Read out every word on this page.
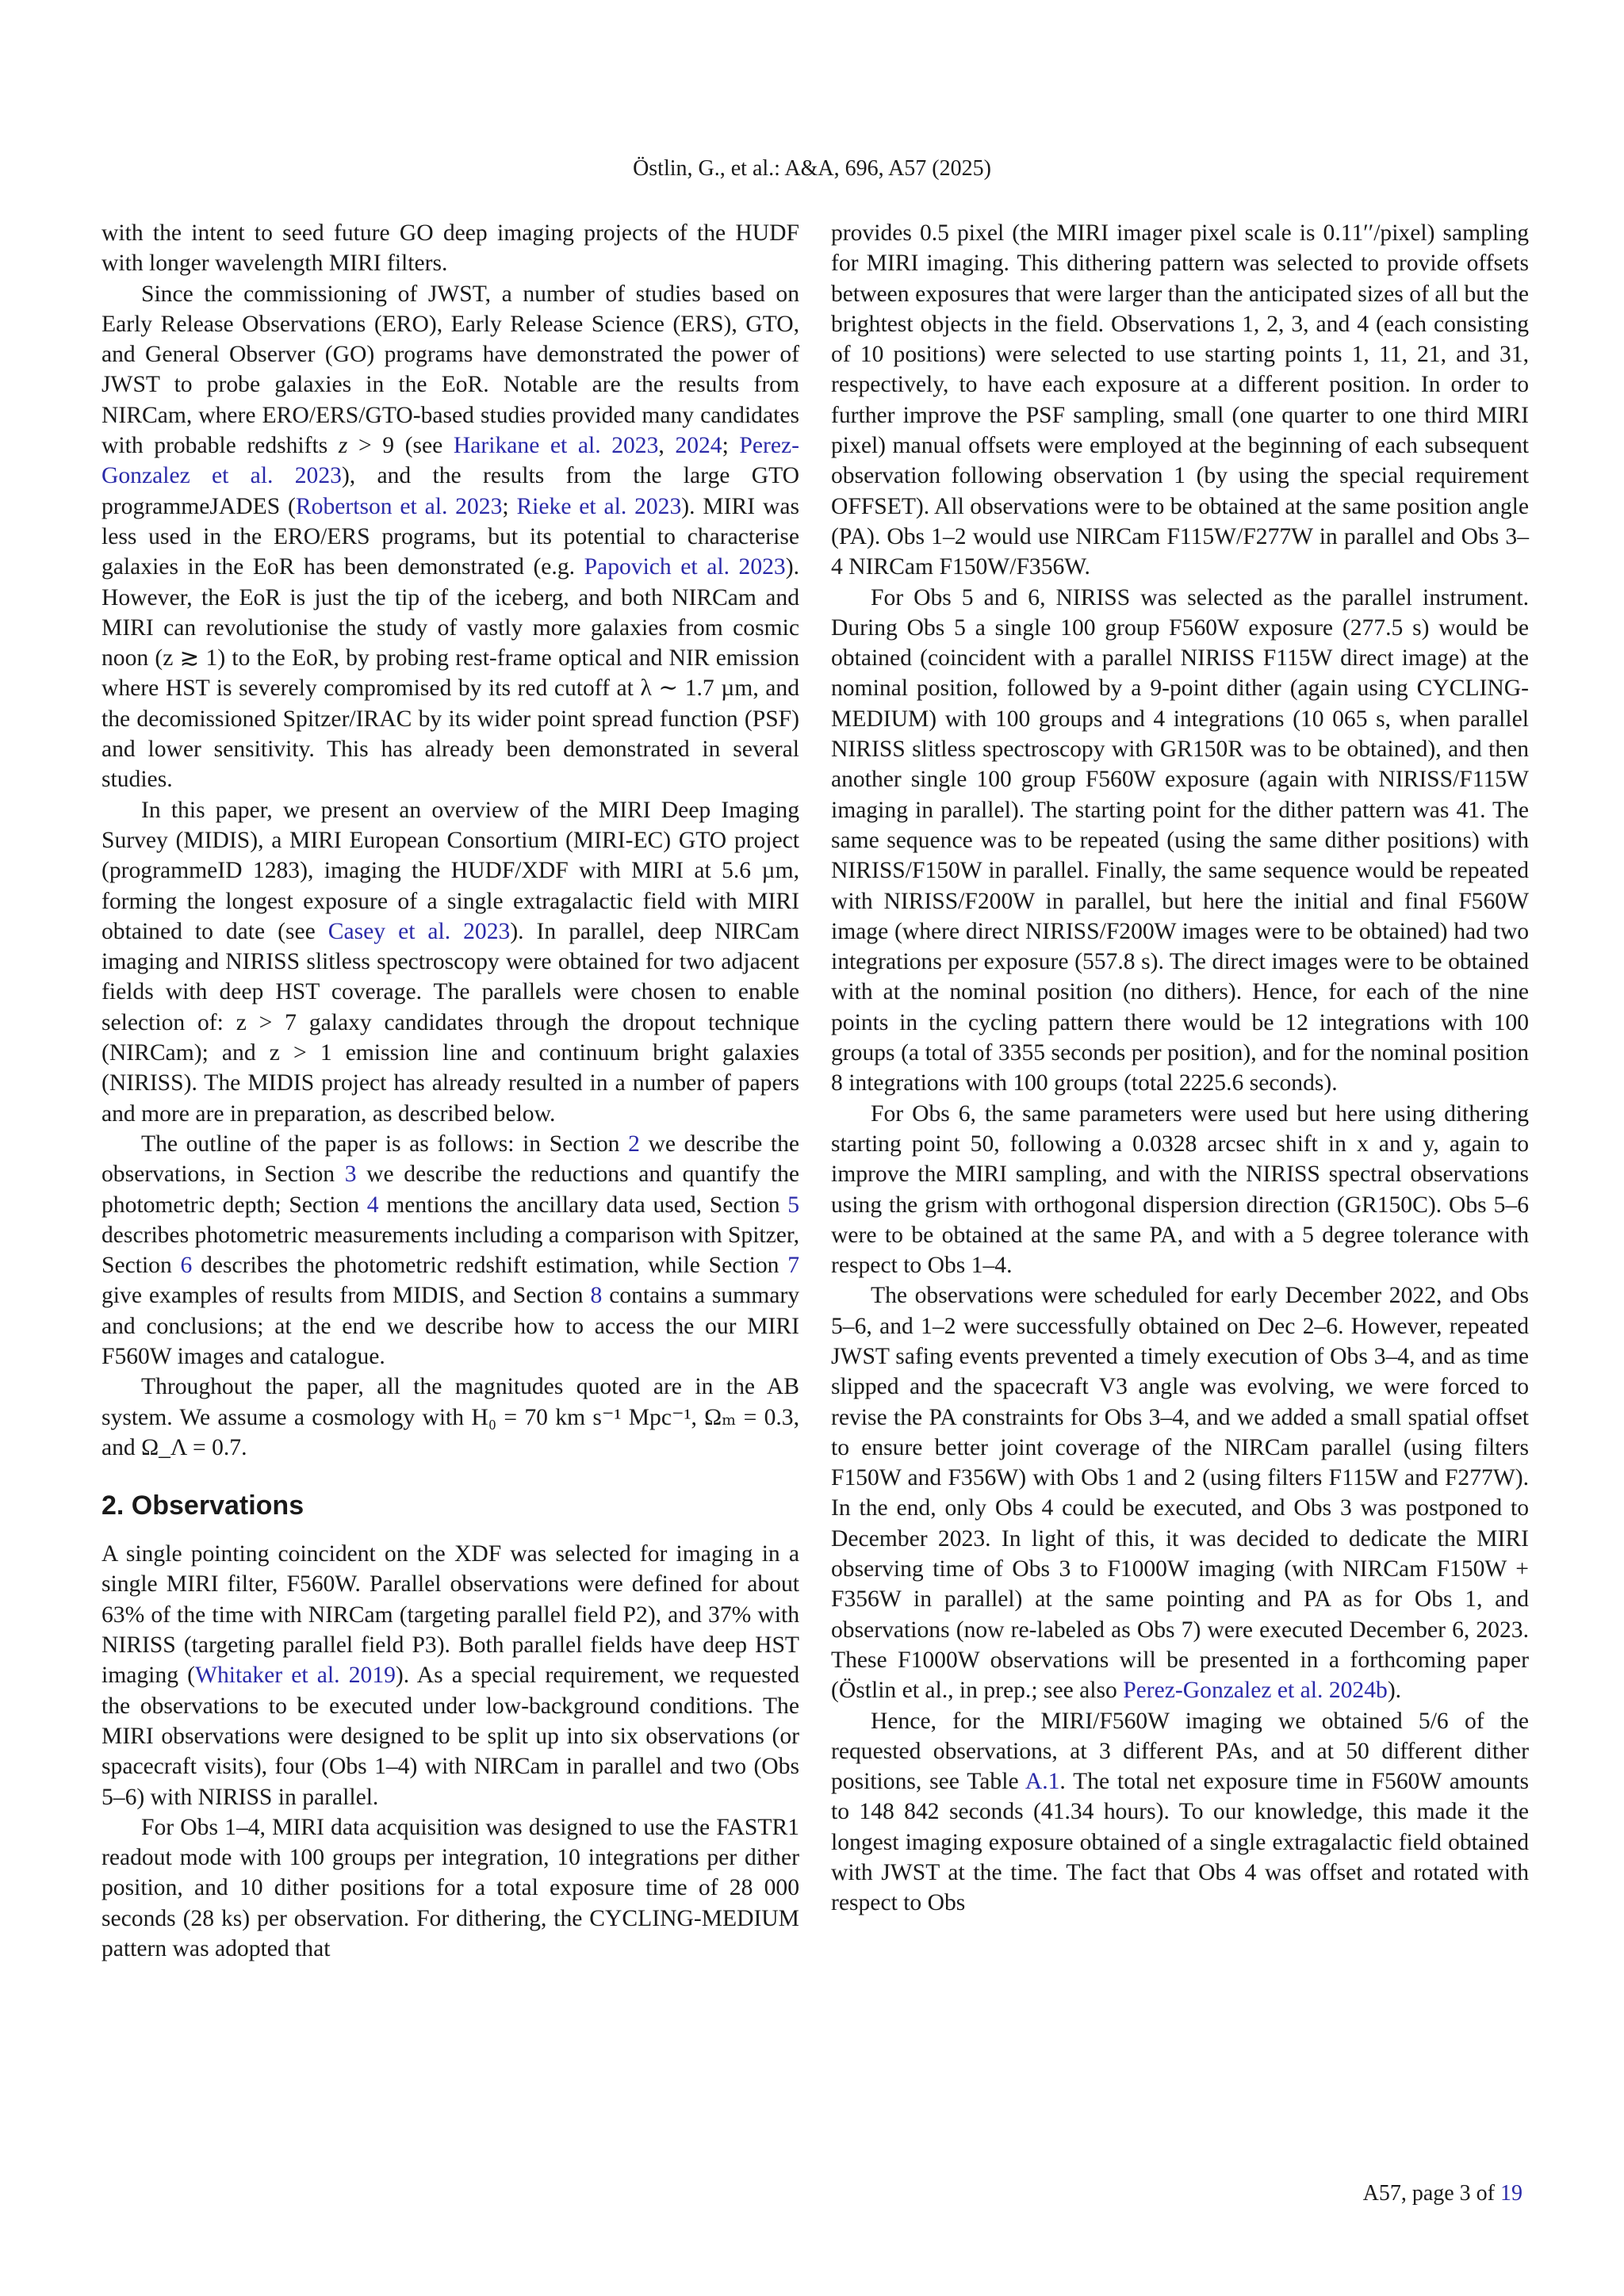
Östlin, G., et al.: A&A, 696, A57 (2025)

with the intent to seed future GO deep imaging projects of the HUDF with longer wavelength MIRI filters.

Since the commissioning of JWST, a number of studies based on Early Release Observations (ERO), Early Release Science (ERS), GTO, and General Observer (GO) programs have demonstrated the power of JWST to probe galaxies in the EoR. Notable are the results from NIRCam, where ERO/ERS/GTO-based studies provided many candidates with probable redshifts z > 9 (see Harikane et al. 2023, 2024; Perez-Gonzalez et al. 2023), and the results from the large GTO programmeJADES (Robertson et al. 2023; Rieke et al. 2023). MIRI was less used in the ERO/ERS programs, but its potential to characterise galaxies in the EoR has been demonstrated (e.g. Papovich et al. 2023). However, the EoR is just the tip of the iceberg, and both NIRCam and MIRI can revolutionise the study of vastly more galaxies from cosmic noon (z ≳ 1) to the EoR, by probing rest-frame optical and NIR emission where HST is severely compromised by its red cutoff at λ ∼ 1.7 µm, and the decomissioned Spitzer/IRAC by its wider point spread function (PSF) and lower sensitivity. This has already been demonstrated in several studies.

In this paper, we present an overview of the MIRI Deep Imaging Survey (MIDIS), a MIRI European Consortium (MIRI-EC) GTO project (programmeID 1283), imaging the HUDF/XDF with MIRI at 5.6 µm, forming the longest exposure of a single extragalactic field with MIRI obtained to date (see Casey et al. 2023). In parallel, deep NIRCam imaging and NIRISS slitless spectroscopy were obtained for two adjacent fields with deep HST coverage. The parallels were chosen to enable selection of: z > 7 galaxy candidates through the dropout technique (NIRCam); and z > 1 emission line and continuum bright galaxies (NIRISS). The MIDIS project has already resulted in a number of papers and more are in preparation, as described below.

The outline of the paper is as follows: in Section 2 we describe the observations, in Section 3 we describe the reductions and quantify the photometric depth; Section 4 mentions the ancillary data used, Section 5 describes photometric measurements including a comparison with Spitzer, Section 6 describes the photometric redshift estimation, while Section 7 give examples of results from MIDIS, and Section 8 contains a summary and conclusions; at the end we describe how to access the our MIRI F560W images and catalogue.

Throughout the paper, all the magnitudes quoted are in the AB system. We assume a cosmology with H₀ = 70 km s⁻¹ Mpc⁻¹, Ωₘ = 0.3, and Ω_Λ = 0.7.

2. Observations

A single pointing coincident on the XDF was selected for imaging in a single MIRI filter, F560W. Parallel observations were defined for about 63% of the time with NIRCam (targeting parallel field P2), and 37% with NIRISS (targeting parallel field P3). Both parallel fields have deep HST imaging (Whitaker et al. 2019). As a special requirement, we requested the observations to be executed under low-background conditions. The MIRI observations were designed to be split up into six observations (or spacecraft visits), four (Obs 1–4) with NIRCam in parallel and two (Obs 5–6) with NIRISS in parallel.

For Obs 1–4, MIRI data acquisition was designed to use the FASTR1 readout mode with 100 groups per integration, 10 integrations per dither position, and 10 dither positions for a total exposure time of 28 000 seconds (28 ks) per observation. For dithering, the CYCLING-MEDIUM pattern was adopted that

provides 0.5 pixel (the MIRI imager pixel scale is 0.11′′/pixel) sampling for MIRI imaging. This dithering pattern was selected to provide offsets between exposures that were larger than the anticipated sizes of all but the brightest objects in the field. Observations 1, 2, 3, and 4 (each consisting of 10 positions) were selected to use starting points 1, 11, 21, and 31, respectively, to have each exposure at a different position. In order to further improve the PSF sampling, small (one quarter to one third MIRI pixel) manual offsets were employed at the beginning of each subsequent observation following observation 1 (by using the special requirement OFFSET). All observations were to be obtained at the same position angle (PA). Obs 1–2 would use NIRCam F115W/F277W in parallel and Obs 3–4 NIRCam F150W/F356W.

For Obs 5 and 6, NIRISS was selected as the parallel instrument. During Obs 5 a single 100 group F560W exposure (277.5 s) would be obtained (coincident with a parallel NIRISS F115W direct image) at the nominal position, followed by a 9-point dither (again using CYCLING-MEDIUM) with 100 groups and 4 integrations (10 065 s, when parallel NIRISS slitless spectroscopy with GR150R was to be obtained), and then another single 100 group F560W exposure (again with NIRISS/F115W imaging in parallel). The starting point for the dither pattern was 41. The same sequence was to be repeated (using the same dither positions) with NIRISS/F150W in parallel. Finally, the same sequence would be repeated with NIRISS/F200W in parallel, but here the initial and final F560W image (where direct NIRISS/F200W images were to be obtained) had two integrations per exposure (557.8 s). The direct images were to be obtained with at the nominal position (no dithers). Hence, for each of the nine points in the cycling pattern there would be 12 integrations with 100 groups (a total of 3355 seconds per position), and for the nominal position 8 integrations with 100 groups (total 2225.6 seconds).

For Obs 6, the same parameters were used but here using dithering starting point 50, following a 0.0328 arcsec shift in x and y, again to improve the MIRI sampling, and with the NIRISS spectral observations using the grism with orthogonal dispersion direction (GR150C). Obs 5–6 were to be obtained at the same PA, and with a 5 degree tolerance with respect to Obs 1–4.

The observations were scheduled for early December 2022, and Obs 5–6, and 1–2 were successfully obtained on Dec 2–6. However, repeated JWST safing events prevented a timely execution of Obs 3–4, and as time slipped and the spacecraft V3 angle was evolving, we were forced to revise the PA constraints for Obs 3–4, and we added a small spatial offset to ensure better joint coverage of the NIRCam parallel (using filters F150W and F356W) with Obs 1 and 2 (using filters F115W and F277W). In the end, only Obs 4 could be executed, and Obs 3 was postponed to December 2023. In light of this, it was decided to dedicate the MIRI observing time of Obs 3 to F1000W imaging (with NIRCam F150W + F356W in parallel) at the same pointing and PA as for Obs 1, and observations (now re-labeled as Obs 7) were executed December 6, 2023. These F1000W observations will be presented in a forthcoming paper (Östlin et al., in prep.; see also Perez-Gonzalez et al. 2024b).

Hence, for the MIRI/F560W imaging we obtained 5/6 of the requested observations, at 3 different PAs, and at 50 different dither positions, see Table A.1. The total net exposure time in F560W amounts to 148 842 seconds (41.34 hours). To our knowledge, this made it the longest imaging exposure obtained of a single extragalactic field obtained with JWST at the time. The fact that Obs 4 was offset and rotated with respect to Obs

A57, page 3 of 19
